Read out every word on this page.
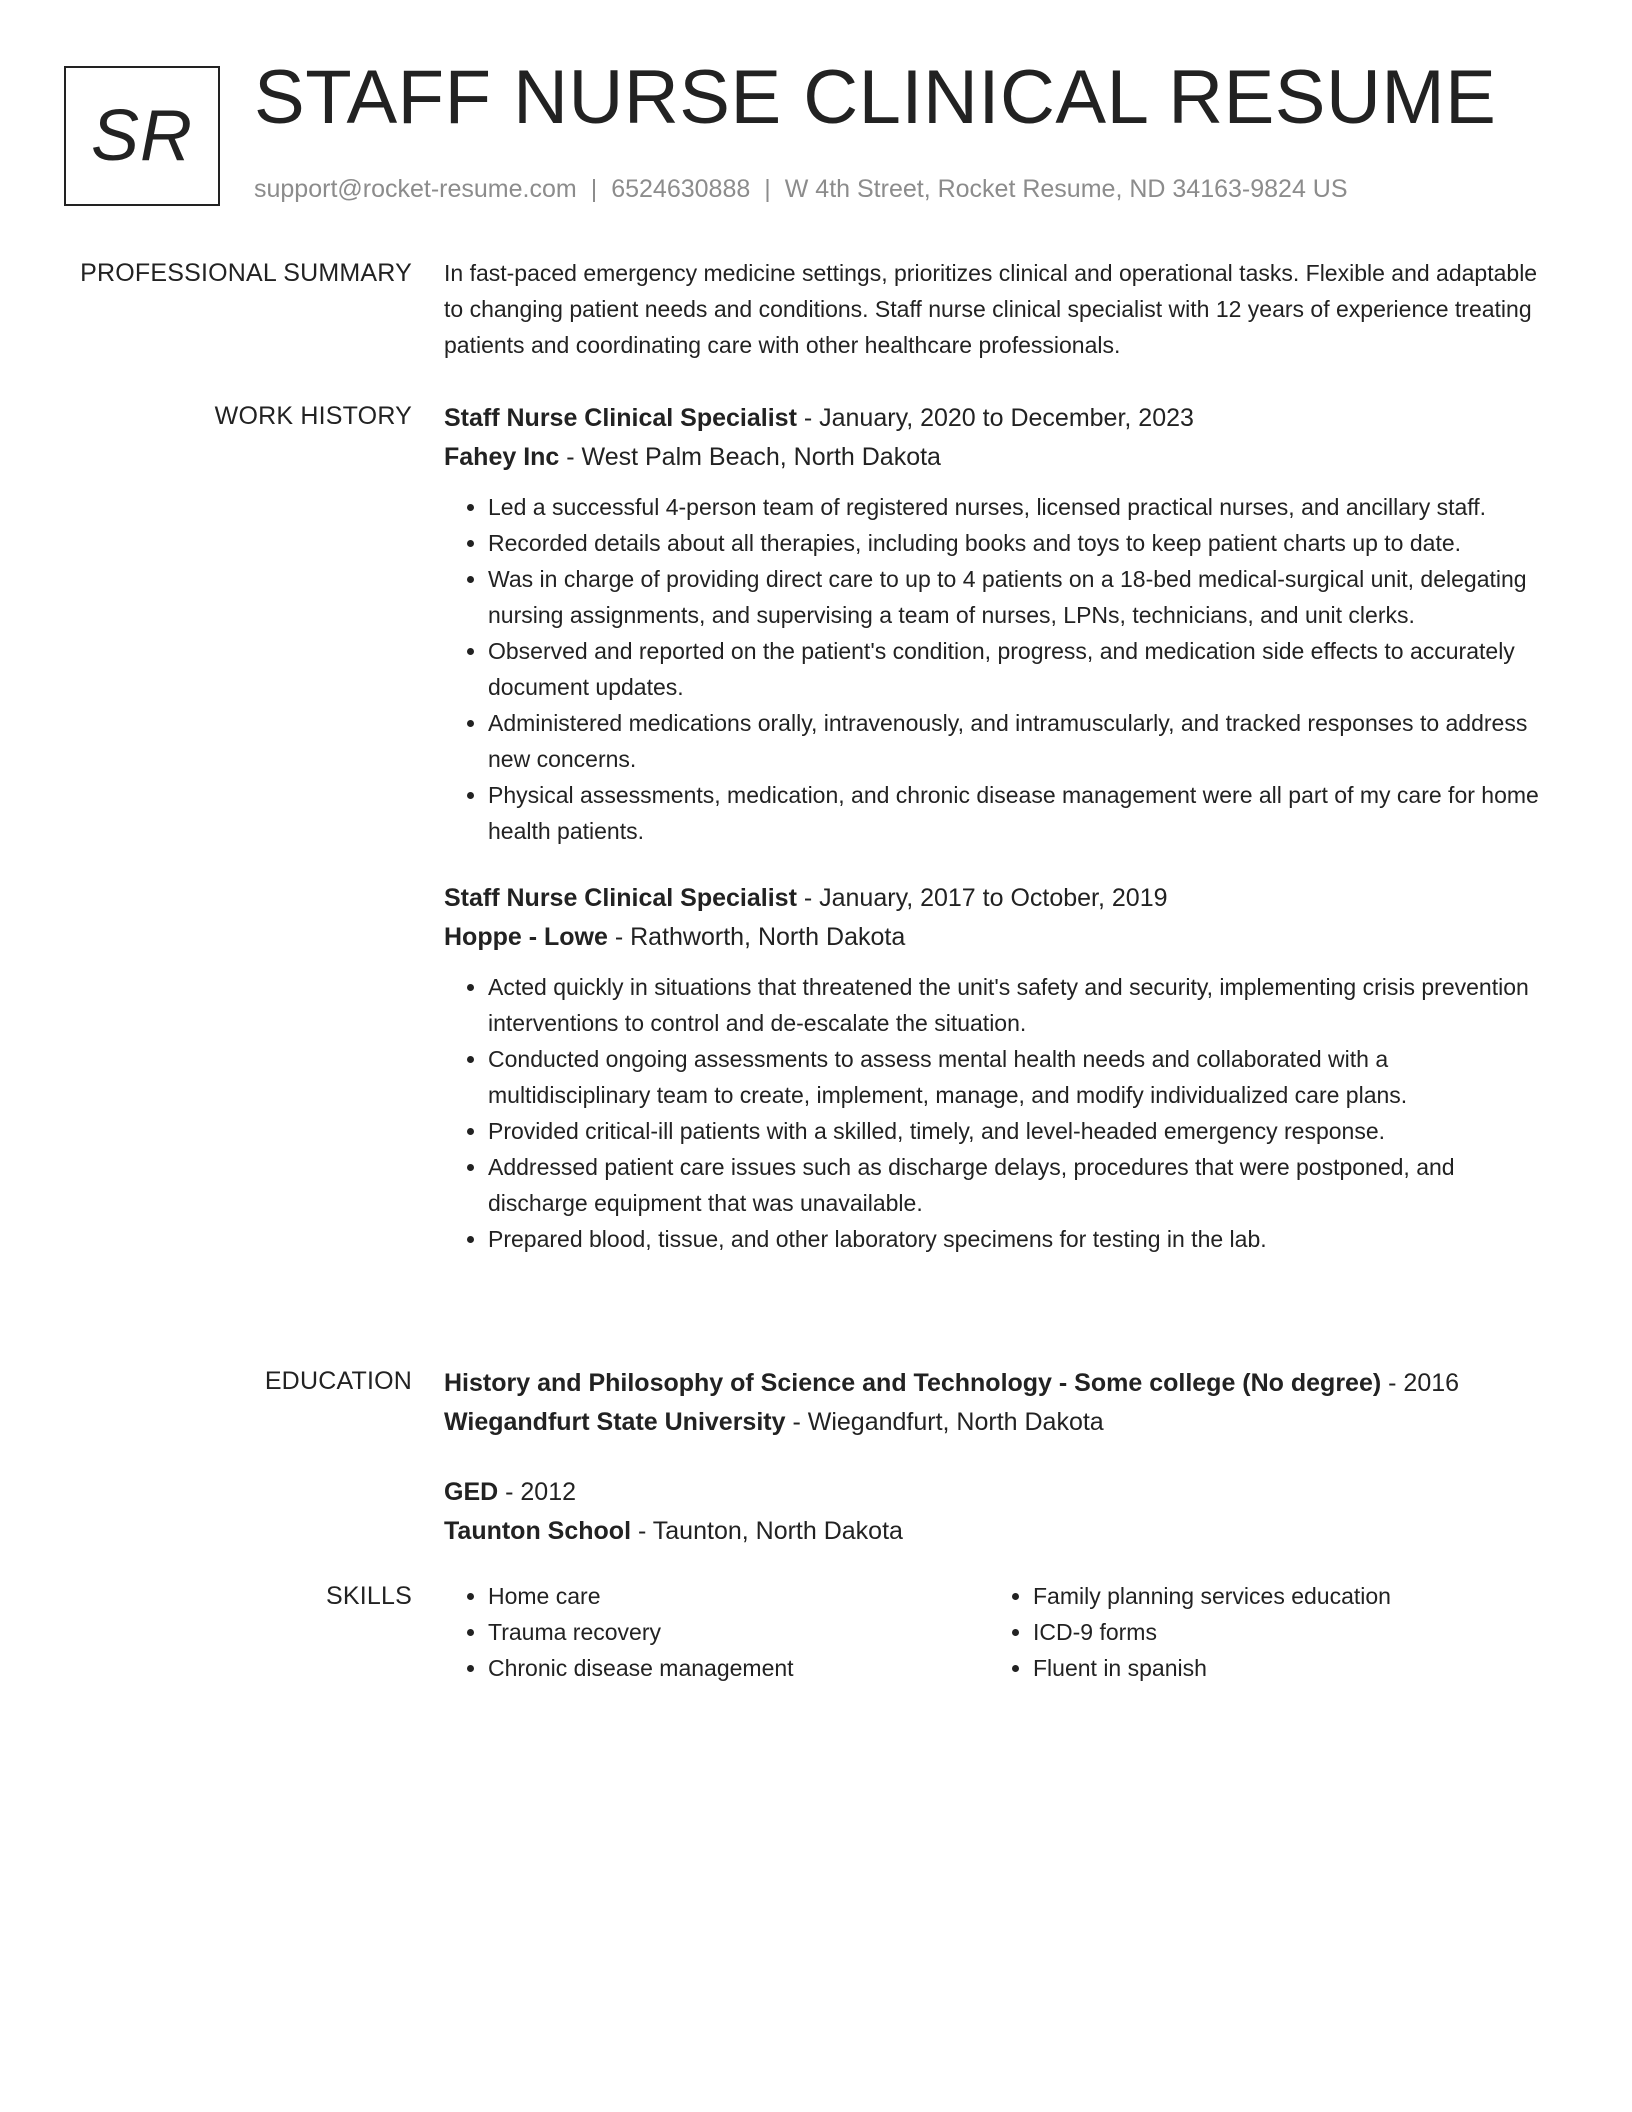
SR STAFF NURSE CLINICAL RESUME
support@rocket-resume.com | 6524630888 | W 4th Street, Rocket Resume, ND 34163-9824 US
PROFESSIONAL SUMMARY In fast-paced emergency medicine settings, prioritizes clinical and operational tasks. Flexible and adaptable to changing patient needs and conditions. Staff nurse clinical specialist with 12 years of experience treating patients and coordinating care with other healthcare professionals.

WORK HISTORY Staff Nurse Clinical Specialist - January, 2020 to December, 2023

Fahey Inc - West Palm Beach, North Dakota

• Led a successful 4-person team of registered nurses, licensed practical nurses, and ancillary staff.
• Recorded details about all therapies, including books and toys to keep patient charts up to date.
• Was in charge of providing direct care to up to 4 patients on a 18-bed medical-surgical unit, delegating nursing assignments, and supervising a team of nurses, LPNs, technicians, and unit clerks.
• Observed and reported on the patient's condition, progress, and medication side effects to accurately document updates.
• Administered medications orally, intravenously, and intramuscularly, and tracked responses to address new concerns.
• Physical assessments, medication, and chronic disease management were all part of my care for home health patients.

Staff Nurse Clinical Specialist - January, 2017 to October, 2019

Hoppe - Lowe - Rathworth, North Dakota

• Acted quickly in situations that threatened the unit's safety and security, implementing crisis prevention interventions to control and de-escalate the situation.
• Conducted ongoing assessments to assess mental health needs and collaborated with a multidisciplinary team to create, implement, manage, and modify individualized care plans.
• Provided critical-ill patients with a skilled, timely, and level-headed emergency response.
• Addressed patient care issues such as discharge delays, procedures that were postponed, and discharge equipment that was unavailable.
• Prepared blood, tissue, and other laboratory specimens for testing in the lab.
EDUCATION History and Philosophy of Science and Technology - Some college (No degree) - 2016

Wiegandfurt State University - Wiegandfurt, North Dakota

GED - 2012

Taunton School - Taunton, North Dakota

SKILLS
•	Home care
• Trauma recovery
• Chronic disease management
• Family planning services education
• ICD-9 forms
• Fluent in spanish
